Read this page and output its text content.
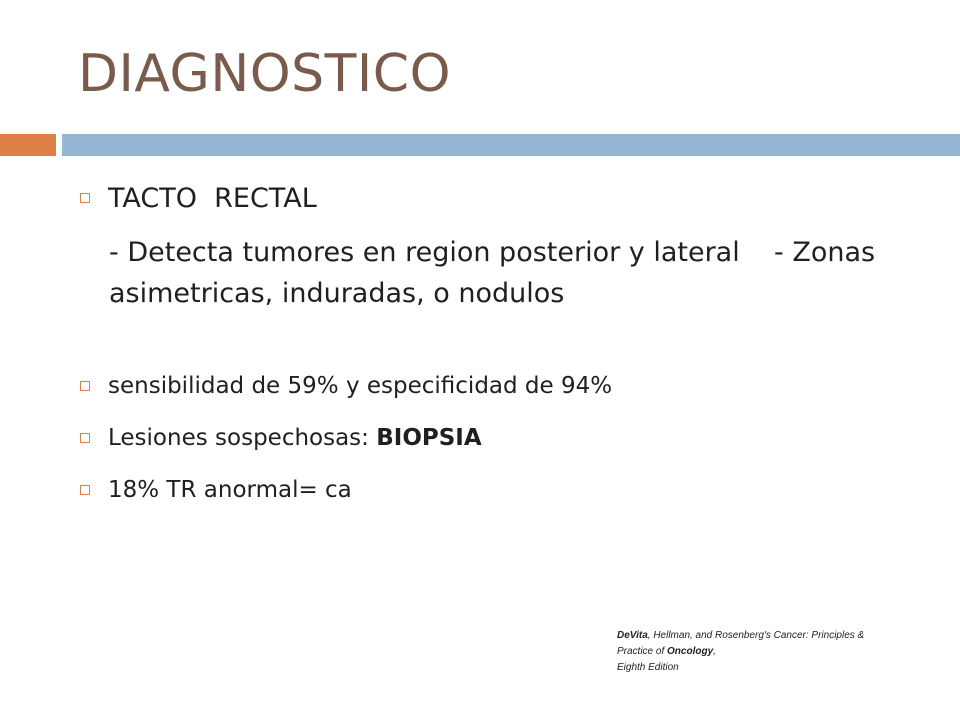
DIAGNOSTICO
TACTO  RECTAL
- Detecta tumores en region posterior y lateral    - Zonas asimetricas, induradas, o nodulos
sensibilidad de 59% y especificidad de 94%
Lesiones sospechosas: BIOPSIA
18% TR anormal= ca
DeVita, Hellman, and Rosenberg's Cancer: Principles &
Practice of Oncology,
Eighth Edition
